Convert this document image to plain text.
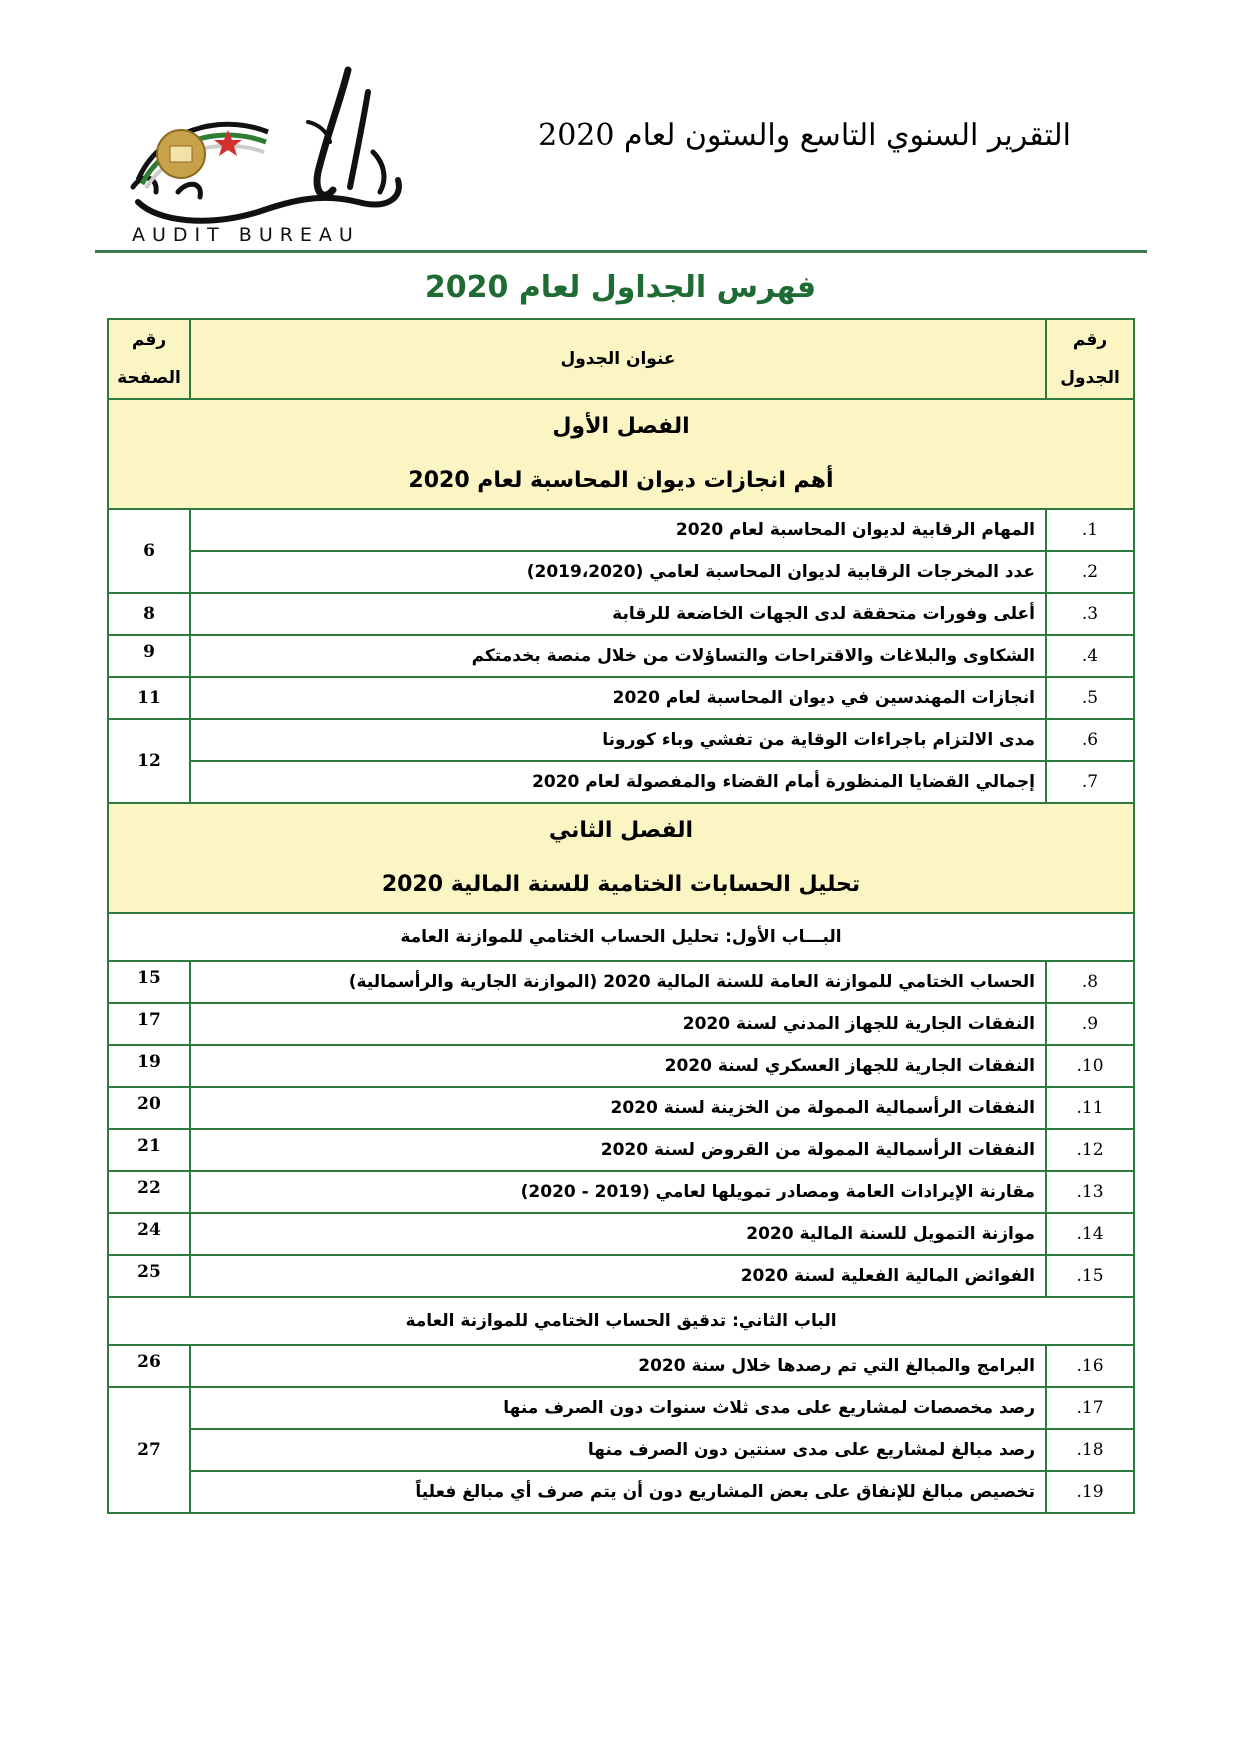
التقرير السنوي التاسع والستون لعام 2020
AUDIT BUREAU
فهرس الجداول لعام 2020
رقم الجدول	عنوان الجدول	رقم الصفحة

الفصل الأول
أهم انجازات ديوان المحاسبة لعام 2020		

1.	المهام الرقابية لديوان المحاسبة لعام 2020	6
2.	عدد المخرجات الرقابية لديوان المحاسبة لعامي (2019،2020)	
3.	أعلى وفورات متحققة لدى الجهات الخاضعة للرقابة	8
4.	الشكاوى والبلاغات والاقتراحات والتساؤلات من خلال منصة بخدمتكم	9
5.	انجازات المهندسين في ديوان المحاسبة لعام 2020	11
6.	مدى الالتزام باجراءات الوقاية من تفشي وباء كورونا	12
7.	إجمالي القضايا المنظورة أمام القضاء والمفصولة لعام 2020	

الفصل الثاني
تحليل الحسابات الختامية للسنة المالية 2020		

البـــاب الأول: تحليل الحساب الختامي للموازنة العامة		
8.	الحساب الختامي للموازنة العامة للسنة المالية 2020 (الموازنة الجارية والرأسمالية)	15
9.	النفقات الجارية للجهاز المدني لسنة 2020	17
10.	النفقات الجارية للجهاز العسكري لسنة 2020	19
11.	النفقات الرأسمالية الممولة من الخزينة لسنة 2020	20
12.	النفقات الرأسمالية الممولة من القروض لسنة 2020	21
13.	مقارنة الإيرادات العامة ومصادر تمويلها لعامي (2019 - 2020)	22
14.	موازنة التمويل للسنة المالية 2020	24
15.	الفوائض المالية الفعلية لسنة 2020	25
الباب الثاني: تدقيق الحساب الختامي للموازنة العامة		
16.	البرامج والمبالغ التي تم رصدها خلال سنة 2020	26
17.	رصد مخصصات لمشاريع على مدى ثلاث سنوات دون الصرف منها	27
18.	رصد مبالغ لمشاريع على مدى سنتين دون الصرف منها	
19.	تخصيص مبالغ للإنفاق على بعض المشاريع دون أن يتم صرف أي مبالغ فعلياً	
